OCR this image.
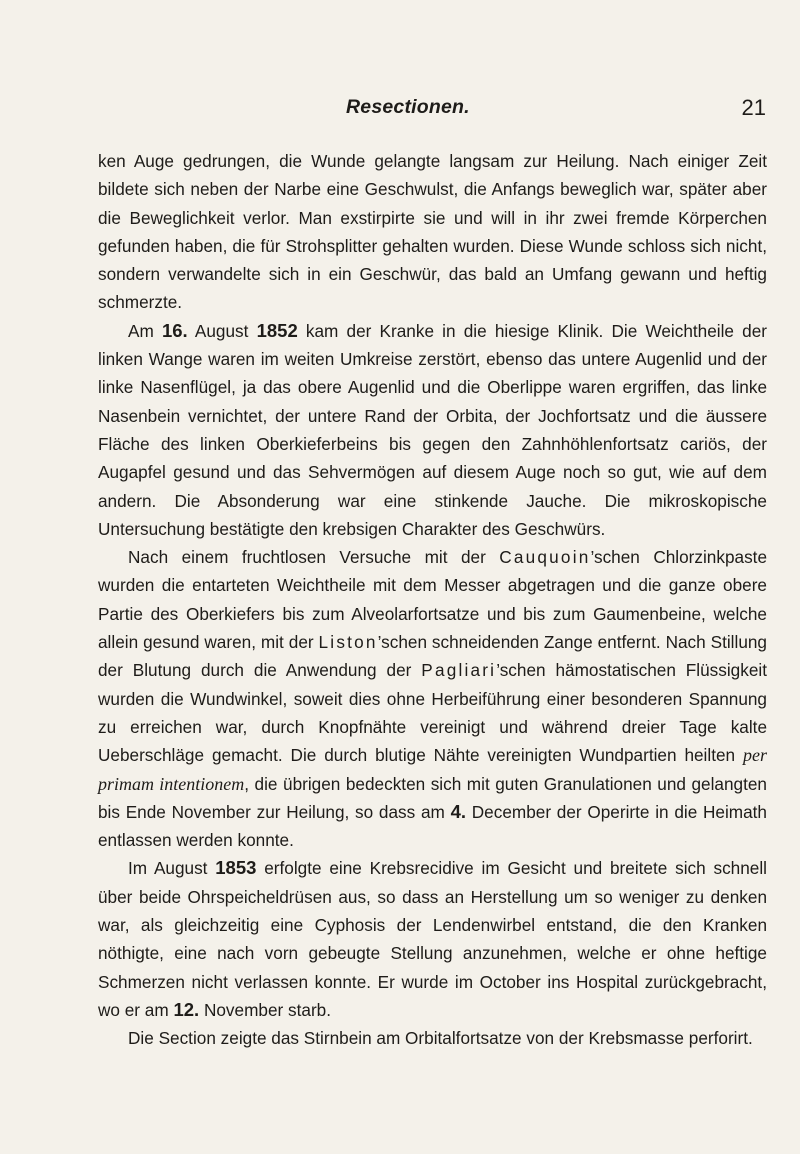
Resectionen.	21

ken Auge gedrungen, die Wunde gelangte langsam zur Heilung. Nach einiger Zeit bildete sich neben der Narbe eine Geschwulst, die Anfangs beweglich war, später aber die Beweglichkeit verlor. Man exstirpirte sie und will in ihr zwei fremde Körperchen gefunden haben, die für Strohsplitter gehalten wurden. Diese Wunde schloss sich nicht, sondern verwandelte sich in ein Geschwür, das bald an Umfang gewann und heftig schmerzte.

Am 16. August 1852 kam der Kranke in die hiesige Klinik. Die Weichtheile der linken Wange waren im weiten Umkreise zerstört, ebenso das untere Augenlid und der linke Nasenflügel, ja das obere Augenlid und die Oberlippe waren ergriffen, das linke Nasenbein vernichtet, der untere Rand der Orbita, der Jochfortsatz und die äussere Fläche des linken Oberkieferbeins bis gegen den Zahnhöhlenfortsatz cariös, der Augapfel gesund und das Sehvermögen auf diesem Auge noch so gut, wie auf dem andern. Die Absonderung war eine stinkende Jauche. Die mikroskopische Untersuchung bestätigte den krebsigen Charakter des Geschwürs.

Nach einem fruchtlosen Versuche mit der Cauquoin’schen Chlorzinkpaste wurden die entarteten Weichtheile mit dem Messer abgetragen und die ganze obere Partie des Oberkiefers bis zum Alveolarfortsatze und bis zum Gaumenbeine, welche allein gesund waren, mit der Liston’schen schneidenden Zange entfernt. Nach Stillung der Blutung durch die Anwendung der Pagliari’schen hämostatischen Flüssigkeit wurden die Wundwinkel, soweit dies ohne Herbeiführung einer besonderen Spannung zu erreichen war, durch Knopfnähte vereinigt und während dreier Tage kalte Ueberschläge gemacht. Die durch blutige Nähte vereinigten Wundpartien heilten per primam intentionem, die übrigen bedeckten sich mit guten Granulationen und gelangten bis Ende November zur Heilung, so dass am 4. December der Operirte in die Heimath entlassen werden konnte.

Im August 1853 erfolgte eine Krebsrecidive im Gesicht und breitete sich schnell über beide Ohrspeicheldrüsen aus, so dass an Herstellung um so weniger zu denken war, als gleichzeitig eine Cyphosis der Lendenwirbel entstand, die den Kranken nöthigte, eine nach vorn gebeugte Stellung anzunehmen, welche er ohne heftige Schmerzen nicht verlassen konnte. Er wurde im October ins Hospital zurückgebracht, wo er am 12. November starb.

Die Section zeigte das Stirnbein am Orbitalfortsatze von der Krebsmasse perforirt.
